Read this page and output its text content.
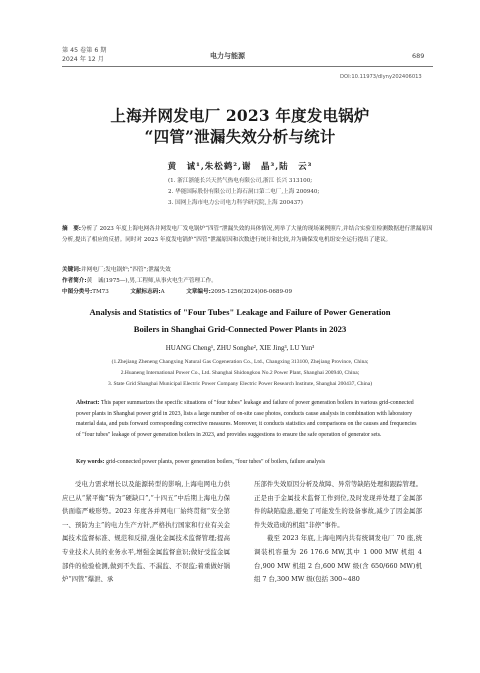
第 45 卷第 6 期
2024 年 12 月	电力与能源	689
DOI:10.11973/dlyny202406013
上海并网发电厂 2023 年度发电锅炉
“四管”泄漏失效分析与统计
黄　诚¹,朱松鹤²,谢　晶³,陆　云³
(1. 浙江浙能长兴天然气热电有限公司,浙江 长兴 313100;
2. 华能国际股份有限公司上海石洞口第二电厂,上海 200940;
3. 国网上海市电力公司电力科学研究院,上海 200437)
摘　要:分析了 2023 年度上海电网各并网发电厂发电锅炉“四管”泄漏失效的具体情况,列举了大量的现场案例照片,并结合实验室检测数据进行泄漏原因分析,提出了相应的反措。同时对 2023 年度发电锅炉“四管”泄漏原因和次数进行统计和比较,并为确保发电机组安全运行提出了建议。
关键词:并网电厂;发电锅炉;“四管”;泄漏失效
作者简介:黄　诚(1975—),男,工程师,从事火电生产管理工作。
中图分类号:TM73	文献标志码:A	文章编号:2095-1256(2024)06-0689-09
Analysis and Statistics of "Four Tubes" Leakage and Failure of Power Generation
Boilers in Shanghai Grid-Connected Power Plants in 2023
HUANG Cheng¹, ZHU Songhe², XIE Jing³, LU Yun³
(1.Zhejiang Zheneng Changxing Natural Gas Cogeneration Co., Ltd., Changxing 313100, Zhejiang Province, China;
2.Huaneng International Power Co., Ltd. Shanghai Shidongkou No.2 Power Plant, Shanghai 200940, China;
3. State Grid Shanghai Municipal Electric Power Company Electric Power Research Institute, Shanghai 200437, China)
Abstract: This paper summarizes the specific situations of "four tubes" leakage and failure of power generation boilers in various grid-connected power plants in Shanghai power grid in 2023, lists a large number of on-site case photos, conducts cause analysis in combination with laboratory material data, and puts forward corresponding corrective measures. Moreover, it conducts statistics and comparisons on the causes and frequencies of "four tubes" leakage of power generation boilers in 2023, and provides suggestions to ensure the safe operation of generator sets.
Key words: grid-connected power plants, power generation boilers, "four tubes" of boilers, failure analysis

受电力需求增长以及能源转型的影响,上海电网电力供应已从“紧平衡”转为“硬缺口”,“十四五”中后期上海电力保供面临严峻形势。2023 年度各并网电厂始终贯彻“安全第一、预防为主”的电力生产方针,严格执行国家和行业有关金属技术监督标准、规范和反措,强化金属技术监督管理;提高专业技术人员的业务水平,增强金属监督意识;做好受监金属部件的检验检测,做到不失监、不漏监、不误监;着重做好锅炉“四管”爆泄、承

压部件失效原因分析及故障、异常等缺陷处理和跟踪管理。正是由于金属技术监督工作到位,及时发现并处理了金属部件的缺陷隐患,避免了可能发生的设备事故,减少了因金属部件失效造成的机组“非停”事件。

截至 2023 年底,上海电网内共有统调发电厂 70 座,统调装机容量为 26 176.6 MW,其中 1 000 MW 机组 4 台,900 MW 机组 2 台,600 MW 级(含 650/660 MW)机组 7 台,300 MW 级(包括 300~480
